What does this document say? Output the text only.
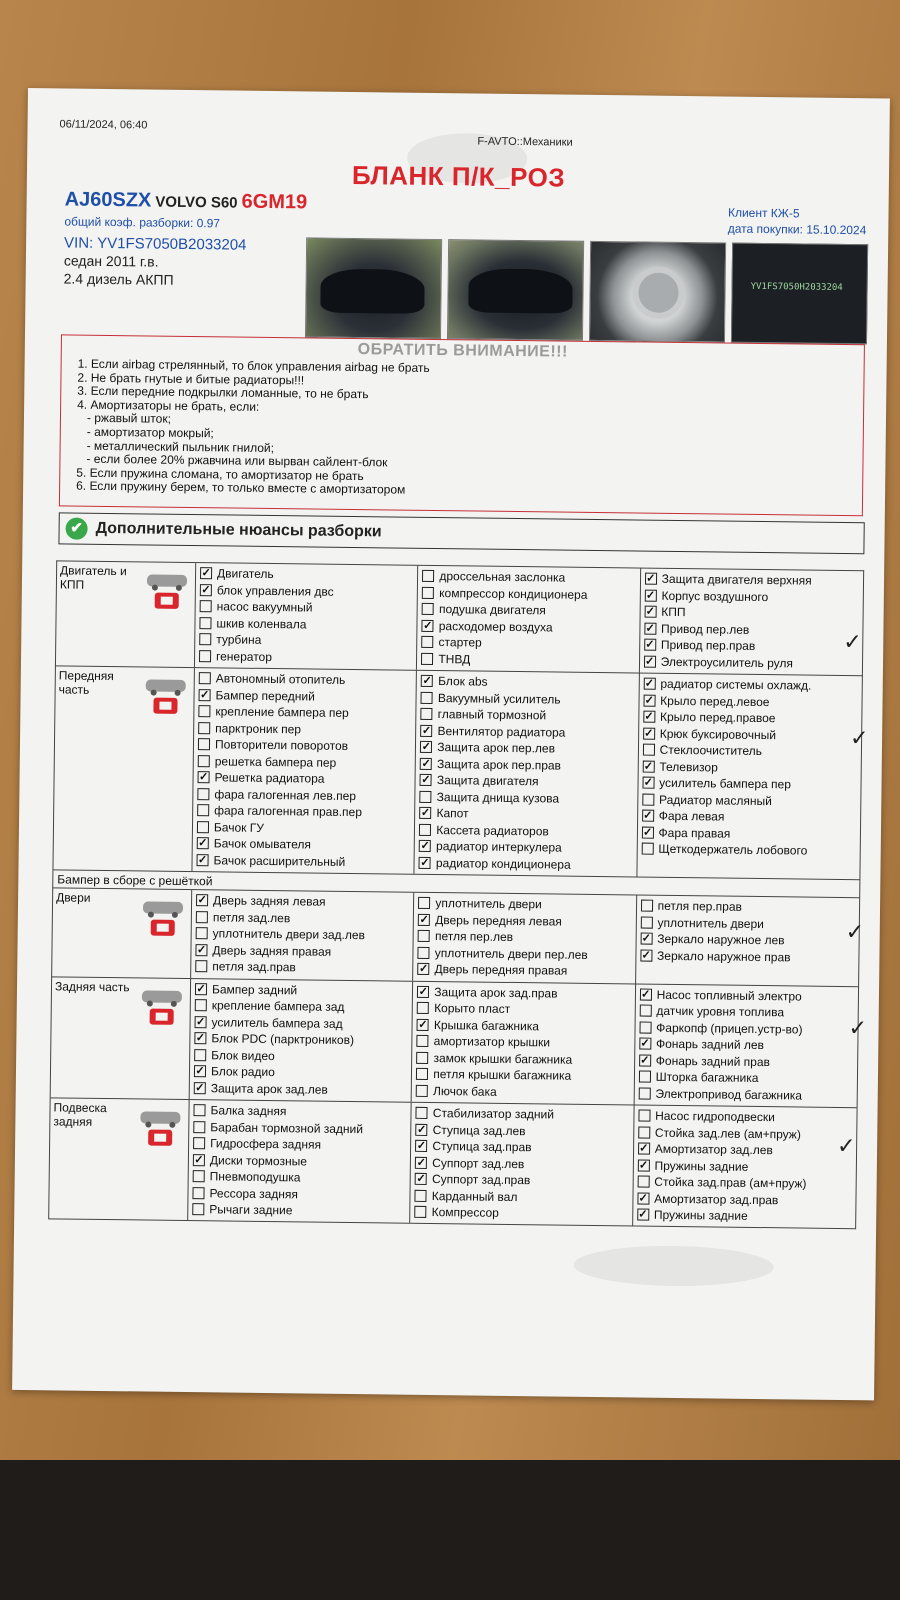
06/11/2024, 06:40
F-AVTO::Механики
БЛАНК П/К_РОЗ
AJ60SZX VOLVO S60 6GM19
общий коэф. разборки: 0.97
VIN: YV1FS7050B2033204
седан 2011 г.в.
2.4 дизель АКПП
Клиент КЖ-5
дата покупки: 15.10.2024
YV1FS7050H2033204
ОБРАТИТЬ ВНИМАНИЕ!!!
1. Если airbag стрелянный, то блок управления airbag не брать
2. Не брать гнутые и битые радиаторы!!!
3. Если передние подкрылки ломанные, то не брать
4. Амортизаторы не брать, если:
- ржавый шток;
- амортизатор мокрый;
- металлический пыльник гнилой;
- если более 20% ржавчина или вырван сайлент-блок
5. Если пружина сломана, то амортизатор не брать
6. Если пружину берем, то только вместе с амортизатором
✔ Дополнительные нюансы разборки
Двигатель и КПП
✓ Двигатель
✓ блок управления двс
насос вакуумный
шкив коленвала
турбина
генератор
дроссельная заслонка
компрессор кондиционера
подушка двигателя
✓ расходомер воздуха
стартер
ТНВД
✓ Защита двигателя верхняя
✓ Корпус воздушного
✓ КПП
✓ Привод пер.лев
✓ Привод пер.прав
✓ Электроусилитель руля
Передняя часть
Автономный отопитель
✓ Бампер передний
крепление бампера пер
парктроник пер
Повторители поворотов
решетка бампера пер
✓ Решетка радиатора
фара галогенная лев.пер
фара галогенная прав.пер
Бачок ГУ
✓ Бачок омывателя
✓ Бачок расширительный
✓ Блок abs
Вакуумный усилитель
главный тормозной
✓ Вентилятор радиатора
✓ Защита арок пер.лев
✓ Защита арок пер.прав
✓ Защита двигателя
Защита днища кузова
✓ Капот
Кассета радиаторов
✓ радиатор интеркулера
✓ радиатор кондиционера
✓ радиатор системы охлажд.
✓ Крыло перед.левое
✓ Крыло перед.правое
✓ Крюк буксировочный
Стеклоочиститель
✓ Телевизор
✓ усилитель бампера пер
Радиатор масляный
✓ Фара левая
✓ Фара правая
Щеткодержатель лобового
Бампер в сборе с решёткой
Двери	✓ Дверь задняя левая
петля зад.лев
уплотнитель двери зад.лев
✓ Дверь задняя правая
петля зад.прав
уплотнитель двери
✓ Дверь передняя левая
петля пер.лев
уплотнитель двери пер.лев
✓ Дверь передняя правая
петля пер.прав
уплотнитель двери
✓ Зеркало наружное лев
✓ Зеркало наружное прав
Задняя часть	✓ Бампер задний
крепление бампера зад
✓ усилитель бампера зад
✓ Блок PDC (парктроников)
Блок видео
✓ Блок радио
✓ Защита арок зад.лев
✓ Защита арок зад.прав
Корыто пласт
✓ Крышка багажника
амортизатор крышки
замок крышки багажника
петля крышки багажника
Лючок бака
✓ Насос топливный электро
датчик уровня топлива
Фаркопф (прицеп.устр-во)
✓ Фонарь задний лев
✓ Фонарь задний прав
Шторка багажника
Электропривод багажника
Подвеска задняя
Балка задняя
Барабан тормозной задний
Гидросфера задняя
✓ Диски тормозные
Пневмоподушка
Рессора задняя
Рычаги задние
Стабилизатор задний
✓ Ступица зад.лев
✓ Ступица зад.прав
✓ Суппорт зад.лев
✓ Суппорт зад.прав
Карданный вал
Компрессор
Насос гидроподвески
Стойка зад.лев (ам+пруж)
✓ Амортизатор зад.лев
✓ Пружины задние
Стойка зад.прав (ам+пруж)
✓ Амортизатор зад.прав
✓ Пружины задние
✓
✓
✓
✓
✓
